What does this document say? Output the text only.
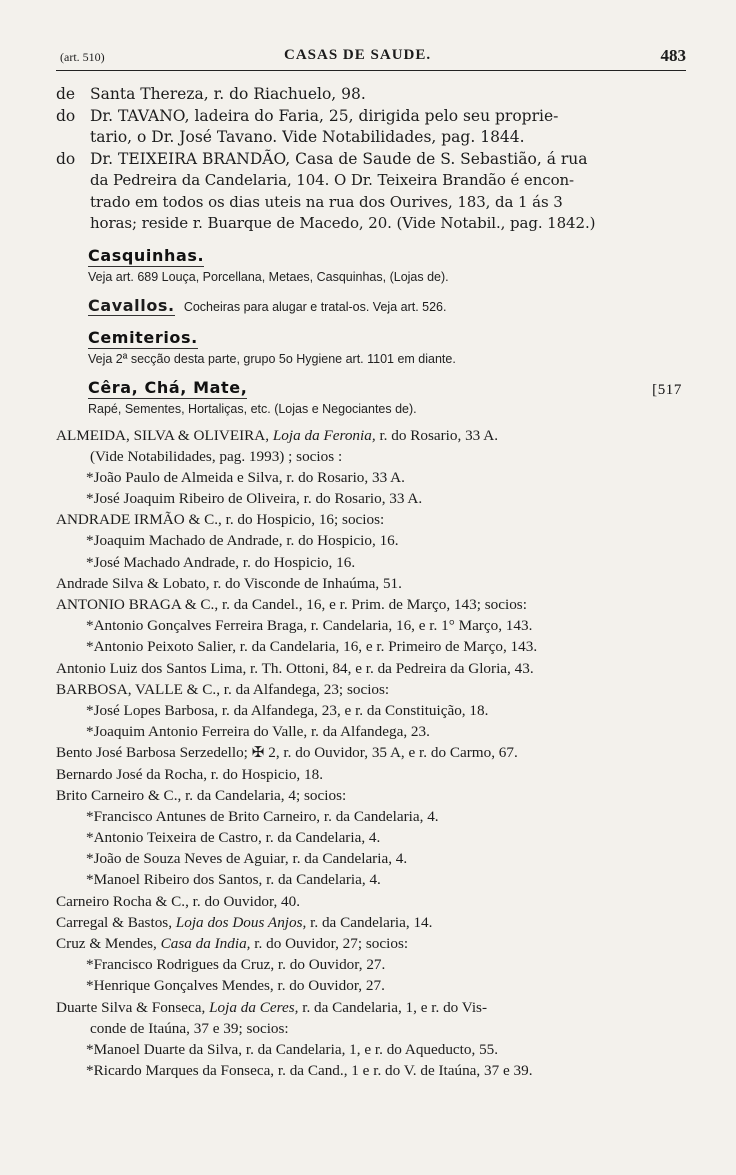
(art. 510)	CASAS DE SAUDE.	483
de Santa Thereza, r. do Riachuelo, 98.
do Dr. TAVANO, ladeira do Faria, 25, dirigida pelo seu proprie-
tario, o Dr. José Tavano. Vide Notabilidades, pag. 1844.
do Dr. TEIXEIRA BRANDÃO, Casa de Saude de S. Sebastião, á rua
da Pedreira da Candelaria, 104. O Dr. Teixeira Brandão é encon-
trado em todos os dias uteis na rua dos Ourives, 183, da 1 ás 3
horas; reside r. Buarque de Macedo, 20. (Vide Notabil., pag. 1842.)
Casquinhas.
Veja art. 689 Louça, Porcellana, Metaes, Casquinhas, (Lojas de).
Cavallos. Cocheiras para alugar e tratal-os. Veja art. 526.
Cemiterios.
Veja 2ª secção desta parte, grupo 5o Hygiene art. 1101 em diante.
Cêra, Chá, Mate,	[517
Rapé, Sementes, Hortaliças, etc. (Lojas e Negociantes de).
ALMEIDA, SILVA & OLIVEIRA, Loja da Feronia, r. do Rosario, 33 A.
(Vide Notabilidades, pag. 1993) ; socios :
*João Paulo de Almeida e Silva, r. do Rosario, 33 A.
*José Joaquim Ribeiro de Oliveira, r. do Rosario, 33 A.
ANDRADE IRMÃO & C., r. do Hospicio, 16; socios:
*Joaquim Machado de Andrade, r. do Hospicio, 16.
*José Machado Andrade, r. do Hospicio, 16.
Andrade Silva & Lobato, r. do Visconde de Inhaúma, 51.
ANTONIO BRAGA & C., r. da Candel., 16, e r. Prim. de Março, 143; socios:
*Antonio Gonçalves Ferreira Braga, r. Candelaria, 16, e r. 1° Março, 143.
*Antonio Peixoto Salier, r. da Candelaria, 16, e r. Primeiro de Março, 143.
Antonio Luiz dos Santos Lima, r. Th. Ottoni, 84, e r. da Pedreira da Gloria, 43.
BARBOSA, VALLE & C., r. da Alfandega, 23; socios:
*José Lopes Barbosa, r. da Alfandega, 23, e r. da Constituição, 18.
*Joaquim Antonio Ferreira do Valle, r. da Alfandega, 23.
Bento José Barbosa Serzedello; ✠ 2, r. do Ouvidor, 35 A, e r. do Carmo, 67.
Bernardo José da Rocha, r. do Hospicio, 18.
Brito Carneiro & C., r. da Candelaria, 4; socios:
*Francisco Antunes de Brito Carneiro, r. da Candelaria, 4.
*Antonio Teixeira de Castro, r. da Candelaria, 4.
*João de Souza Neves de Aguiar, r. da Candelaria, 4.
*Manoel Ribeiro dos Santos, r. da Candelaria, 4.
Carneiro Rocha & C., r. do Ouvidor, 40.
Carregal & Bastos, Loja dos Dous Anjos, r. da Candelaria, 14.
Cruz & Mendes, Casa da India, r. do Ouvidor, 27; socios:
*Francisco Rodrigues da Cruz, r. do Ouvidor, 27.
*Henrique Gonçalves Mendes, r. do Ouvidor, 27.
Duarte Silva & Fonseca, Loja da Ceres, r. da Candelaria, 1, e r. do Vis-
conde de Itaúna, 37 e 39; socios:
*Manoel Duarte da Silva, r. da Candelaria, 1, e r. do Aqueducto, 55.
*Ricardo Marques da Fonseca, r. da Cand., 1 e r. do V. de Itaúna, 37 e 39.
